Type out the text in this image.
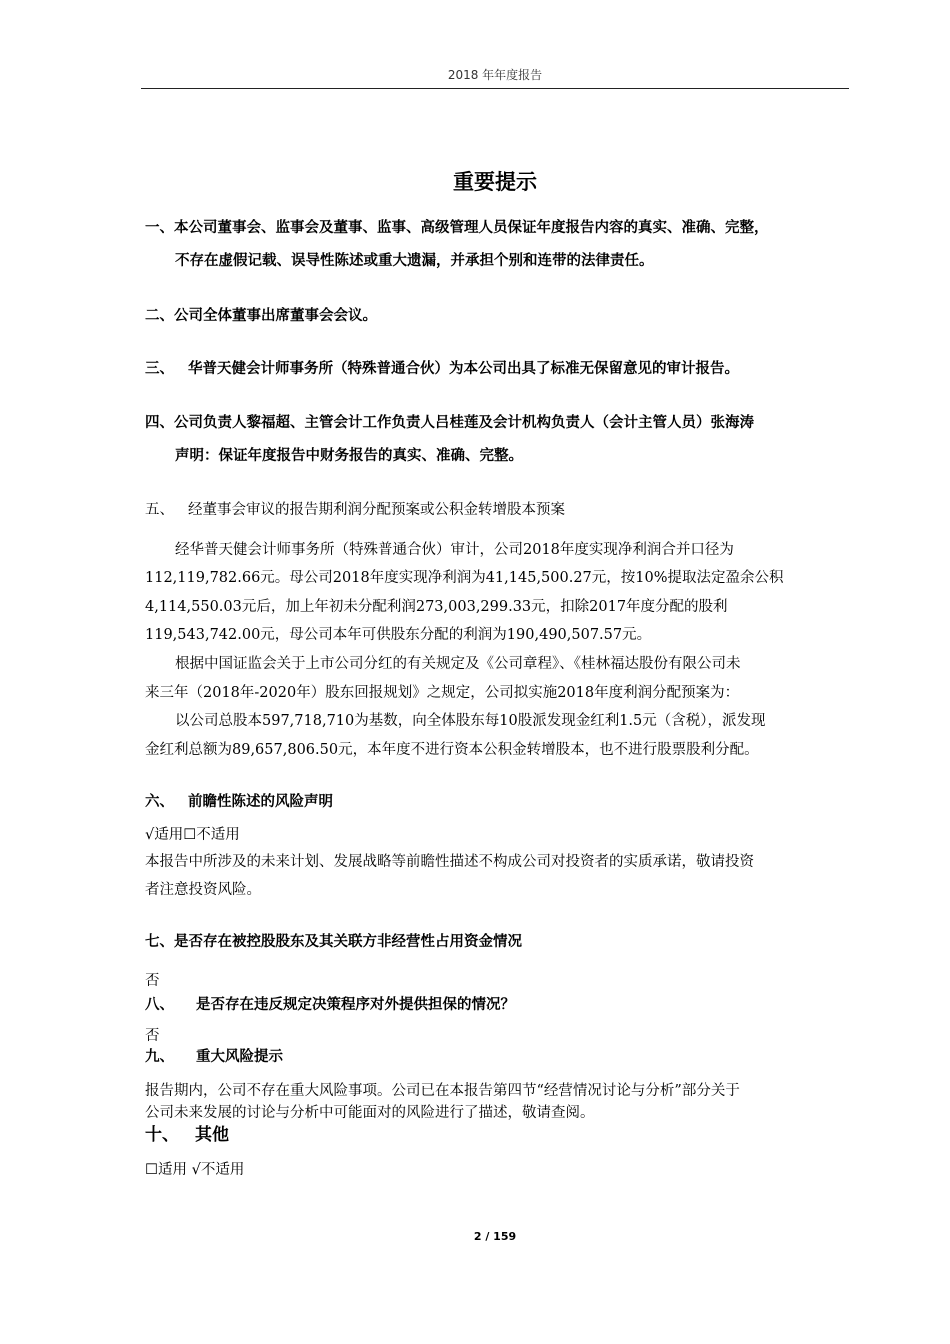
2018 年年度报告
重要提示
一、本公司董事会、监事会及董事、监事、高级管理人员保证年度报告内容的真实、准确、完整，
不存在虚假记载、误导性陈述或重大遗漏，并承担个别和连带的法律责任。
二、公司全体董事出席董事会会议。
三、 华普天健会计师事务所（特殊普通合伙）为本公司出具了标准无保留意见的审计报告。
四、公司负责人黎福超、主管会计工作负责人吕桂莲及会计机构负责人（会计主管人员）张海涛
声明：保证年度报告中财务报告的真实、准确、完整。
五、 经董事会审议的报告期利润分配预案或公积金转增股本预案
经华普天健会计师事务所（特殊普通合伙）审计，公司2018年度实现净利润合并口径为
112,119,782.66元。母公司2018年度实现净利润为41,145,500.27元，按10%提取法定盈余公积
4,114,550.03元后，加上年初未分配利润273,003,299.33元，扣除2017年度分配的股利
119,543,742.00元，母公司本年可供股东分配的利润为190,490,507.57元。
根据中国证监会关于上市公司分红的有关规定及《公司章程》、《桂林福达股份有限公司未
来三年（2018年-2020年）股东回报规划》之规定，公司拟实施2018年度利润分配预案为：
以公司总股本597,718,710为基数，向全体股东每10股派发现金红利1.5元（含税），派发现
金红利总额为89,657,806.50元，本年度不进行资本公积金转增股本，也不进行股票股利分配。
六、 前瞻性陈述的风险声明
√适用☐不适用
本报告中所涉及的未来计划、发展战略等前瞻性描述不构成公司对投资者的实质承诺，敬请投资
者注意投资风险。
七、是否存在被控股股东及其关联方非经营性占用资金情况
否
八、 是否存在违反规定决策程序对外提供担保的情况？
否
九、 重大风险提示
报告期内，公司不存在重大风险事项。公司已在本报告第四节“经营情况讨论与分析”部分关于
公司未来发展的讨论与分析中可能面对的风险进行了描述，敬请查阅。
十、 其他
☐适用 √不适用
2 / 159
